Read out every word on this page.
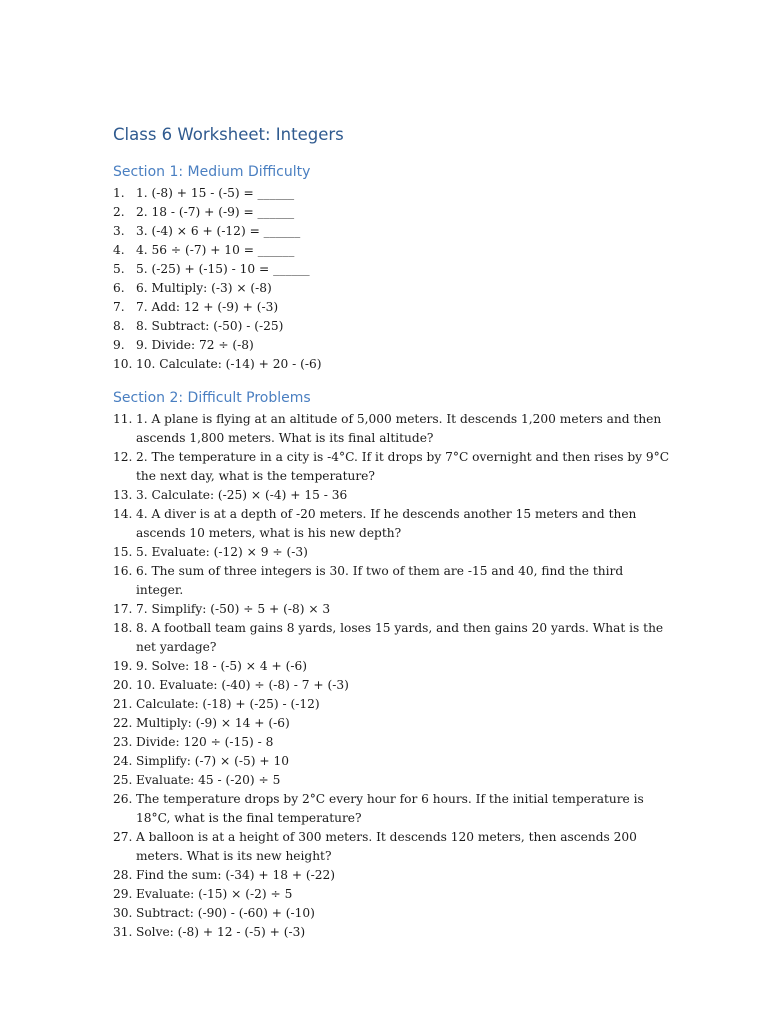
Class 6 Worksheet: Integers
Section 1: Medium Difficulty
1. 1. (-8) + 15 - (-5) = ______
2. 2. 18 - (-7) + (-9) = ______
3. 3. (-4) × 6 + (-12) = ______
4. 4. 56 ÷ (-7) + 10 = ______
5. 5. (-25) + (-15) - 10 = ______
6. 6. Multiply: (-3) × (-8)
7. 7. Add: 12 + (-9) + (-3)
8. 8. Subtract: (-50) - (-25)
9. 9. Divide: 72 ÷ (-8)
10. 10. Calculate: (-14) + 20 - (-6)
Section 2: Difficult Problems
11. 1. A plane is flying at an altitude of 5,000 meters. It descends 1,200 meters and then ascends 1,800 meters. What is its final altitude?
12. 2. The temperature in a city is -4°C. If it drops by 7°C overnight and then rises by 9°C the next day, what is the temperature?
13. 3. Calculate: (-25) × (-4) + 15 - 36
14. 4. A diver is at a depth of -20 meters. If he descends another 15 meters and then ascends 10 meters, what is his new depth?
15. 5. Evaluate: (-12) × 9 ÷ (-3)
16. 6. The sum of three integers is 30. If two of them are -15 and 40, find the third integer.
17. 7. Simplify: (-50) ÷ 5 + (-8) × 3
18. 8. A football team gains 8 yards, loses 15 yards, and then gains 20 yards. What is the net yardage?
19. 9. Solve: 18 - (-5) × 4 + (-6)
20. 10. Evaluate: (-40) ÷ (-8) - 7 + (-3)
21. Calculate: (-18) + (-25) - (-12)
22. Multiply: (-9) × 14 + (-6)
23. Divide: 120 ÷ (-15) - 8
24. Simplify: (-7) × (-5) + 10
25. Evaluate: 45 - (-20) ÷ 5
26. The temperature drops by 2°C every hour for 6 hours. If the initial temperature is 18°C, what is the final temperature?
27. A balloon is at a height of 300 meters. It descends 120 meters, then ascends 200 meters. What is its new height?
28. Find the sum: (-34) + 18 + (-22)
29. Evaluate: (-15) × (-2) ÷ 5
30. Subtract: (-90) - (-60) + (-10)
31. Solve: (-8) + 12 - (-5) + (-3)
